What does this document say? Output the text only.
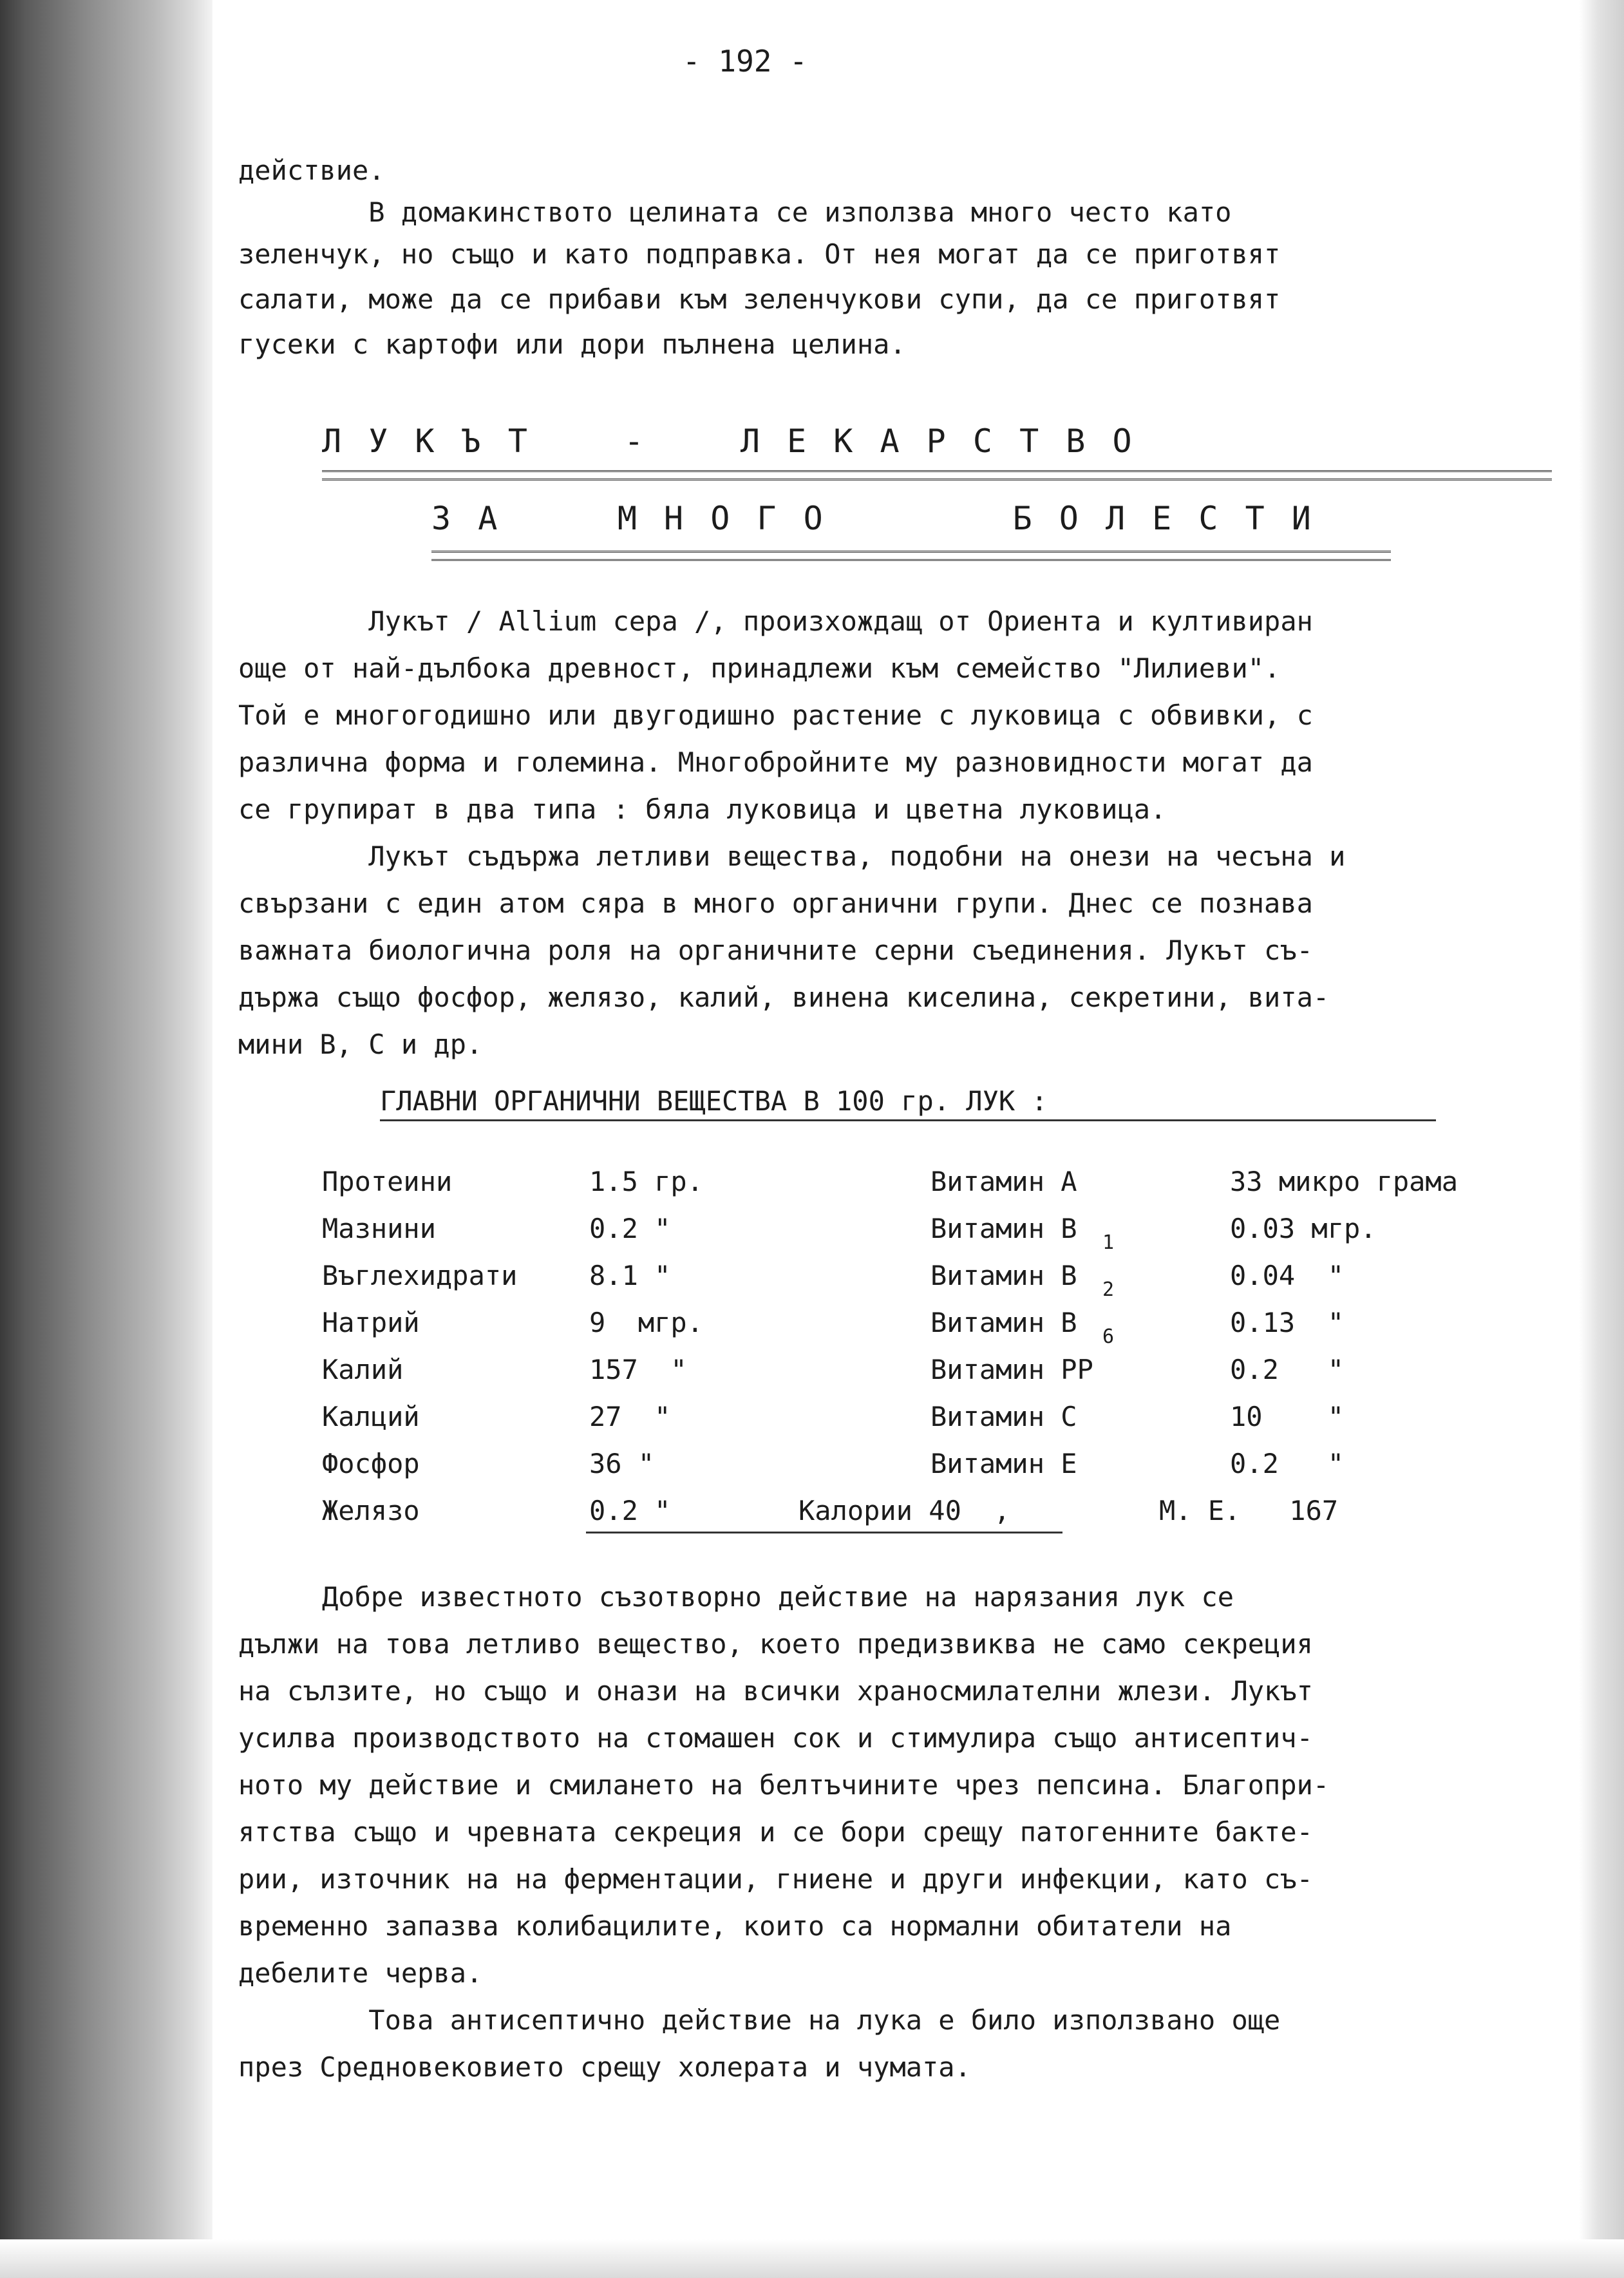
- 192 -
действие.
В домакинството целината се използва много често като
зеленчук, но също и като подправка. От нея могат да се приготвят
салати, може да се прибави към зеленчукови супи, да се приготвят
гусеки с картофи или дори пълнена целина.
Л У К Ъ Т    -    Л Е К А Р С Т В О
З А     М Н О Г О        Б О Л Е С Т И
Лукът / Allium сера /, произхождащ от Ориента и култивиран
още от най-дълбока древност, принадлежи към семейство "Лилиеви".
Той е многогодишно или двугодишно растение с луковица с обвивки, с
различна форма и големина. Многобройните му разновидности могат да
се групират в два типа : бяла луковица и цветна луковица.
Лукът съдържа летливи вещества, подобни на онези на чесъна и
свързани с един атом сяра в много органични групи. Днес се познава
важната биологична роля на органичните серни съединения. Лукът съ-
държа също фосфор, желязо, калий, винена киселина, секретини, вита-
мини В, С и др.
ГЛАВНИ ОРГАНИЧНИ ВЕЩЕСТВА В 100 гр. ЛУК :
Протеини	1.5 гр.	Витамин А	33 микро грама
Мазнини	0.2 "	Витамин В 1	0.03 мгр.
Въглехидрати	8.1 "	Витамин В 2	0.04  "
Натрий	9  мгр.	Витамин В 6	0.13  "
Калий	157  "	Витамин РР	0.2   "
Калций	27  "	Витамин С	10    "
Фосфор	36 "	Витамин Е	0.2   "
Желязо	0.2 "	Калории 40  ,	М. Е.   167
Добре известното съзотворно действие на нарязания лук се
дължи на това летливо вещество, което предизвиква не само секреция
на сълзите, но също и онази на всички храносмилателни жлези. Лукът
усилва производството на стомашен сок и стимулира също антисептич-
ното му действие и смилането на белтъчините чрез пепсина. Благопри-
ятства също и чревната секреция и се бори срещу патогенните бакте-
рии, източник на на ферментации, гниене и други инфекции, като съ-
временно запазва колибацилите, които са нормални обитатели на
дебелите черва.
Това антисептично действие на лука е било използвано още
през Средновековието срещу холерата и чумата.
